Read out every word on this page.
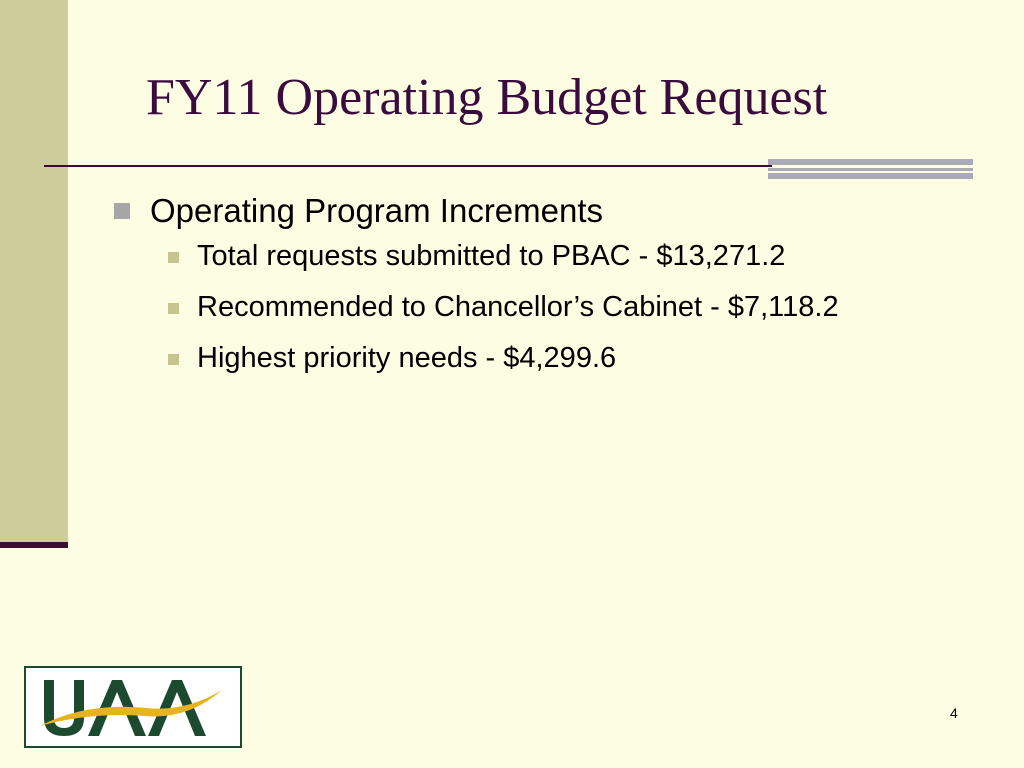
FY11 Operating Budget Request
Operating Program Increments
Total requests submitted to PBAC - $13,271.2
Recommended to Chancellor’s Cabinet - $7,118.2
Highest priority needs - $4,299.6
4
